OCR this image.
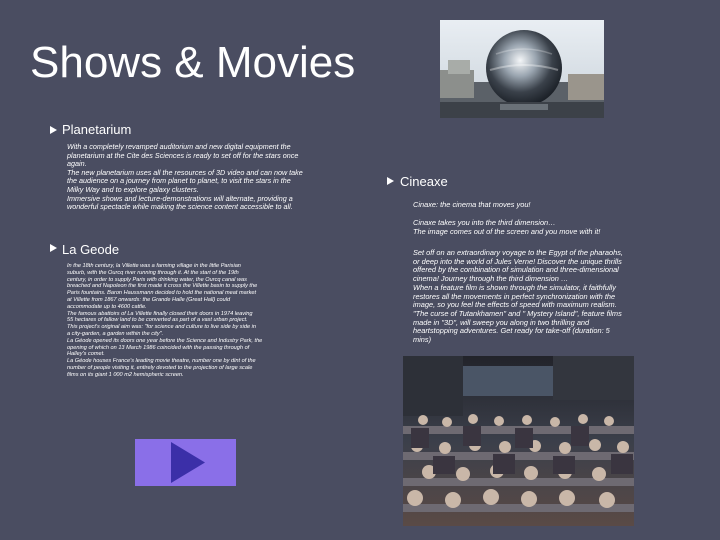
Shows & Movies
Planetarium
With a completely revamped auditorium and new digital equipment the
planetarium at the Cite des Sciences is ready to set off for the stars once
again.
The new planetarium uses all the resources of 3D video and can now take
the audience on a journey from planet to planet, to visit the stars in the
Milky Way and to explore galaxy clusters.
Immersive shows and lecture-demonstrations will alternate, providing a
wonderful spectacle while making the science content accessible to all.
La Geode
In the 18th century, la Villette was a farming village in the little Parisian
suburb, with the Ourcq river running through it. At the start of the 19th
century, in order to supply Paris with drinking water, the Ourcq canal was
breached and Napoleon the first made it cross the Villette basin to supply the
Paris fountains. Baron Haussmann decided to hold the national meat market
at Villette from 1867 onwards: the Grande Halle (Great Hall) could
accommodate up to 4600 cattle.
The famous abattoirs of La Villette finally closed their doors in 1974 leaving
55 hectares of fallow land to be converted as part of a vast urban project.
This project's original aim was: "for science and culture to live side by side in
a city-garden, a garden within the city".
La Géode opened its doors one year before the Science and Industry Park, the
opening of which on 13 March 1986 coincided with the passing through of
Halley's comet.
La Géode houses France's leading movie theatre, number one by dint of the
number of people visiting it, entirely devoted to the projection of large scale
films on its giant 1 000 m2 hemispheric screen.
Cineaxe
Cinaxe: the cinema that moves you!
Cinaxe takes you into the third dimension…
The image comes out of the screen and you move with it!
Set off on an extraordinary voyage to the Egypt of the pharaohs,
or deep into the world of Jules Verne! Discover the unique thrills
offered by the combination of simulation and three-dimensional
cinema! Journey through the third dimension …
When a feature film is shown through the simulator, it faithfully
restores all the movements in perfect synchronization with the
image, so you feel the effects of speed with maximum realism.
"The curse of Tutankhamen" and " Mystery Island", feature films
made in "3D", will sweep you along in two thrilling and
heartstopping adventures. Get ready for take-off (duration: 5
mins)
